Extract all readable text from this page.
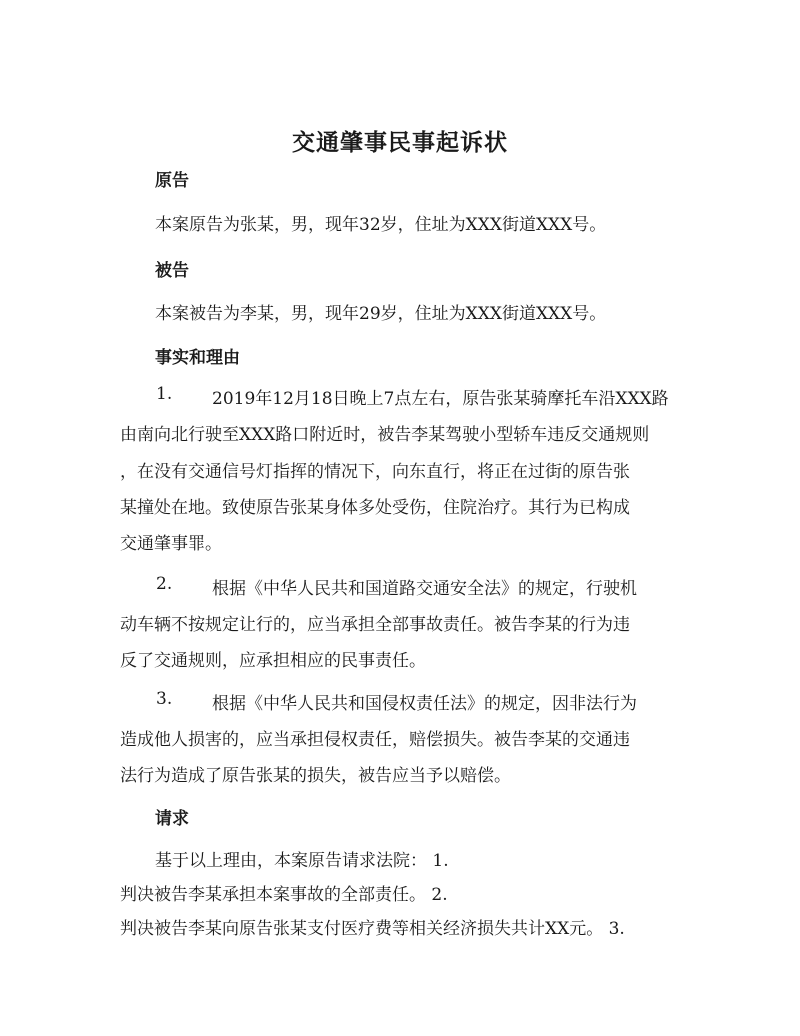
交通肇事民事起诉状
原告
本案原告为张某，男，现年32岁，住址为XXX街道XXX号。
被告
本案被告为李某，男，现年29岁，住址为XXX街道XXX号。
事实和理由
1. 2019年12月18日晚上7点左右，原告张某骑摩托车沿XXX路
由南向北行驶至XXX路口附近时，被告李某驾驶小型轿车违反交通规则
，在没有交通信号灯指挥的情况下，向东直行，将正在过街的原告张
某撞处在地。致使原告张某身体多处受伤，住院治疗。其行为已构成
交通肇事罪。
2. 根据《中华人民共和国道路交通安全法》的规定，行驶机
动车辆不按规定让行的，应当承担全部事故责任。被告李某的行为违
反了交通规则，应承担相应的民事责任。
3. 根据《中华人民共和国侵权责任法》的规定，因非法行为
造成他人损害的，应当承担侵权责任，赔偿损失。被告李某的交通违
法行为造成了原告张某的损失，被告应当予以赔偿。
请求
基于以上理由，本案原告请求法院： 1.
判决被告李某承担本案事故的全部责任。 2.
判决被告李某向原告张某支付医疗费等相关经济损失共计XX元。 3.
